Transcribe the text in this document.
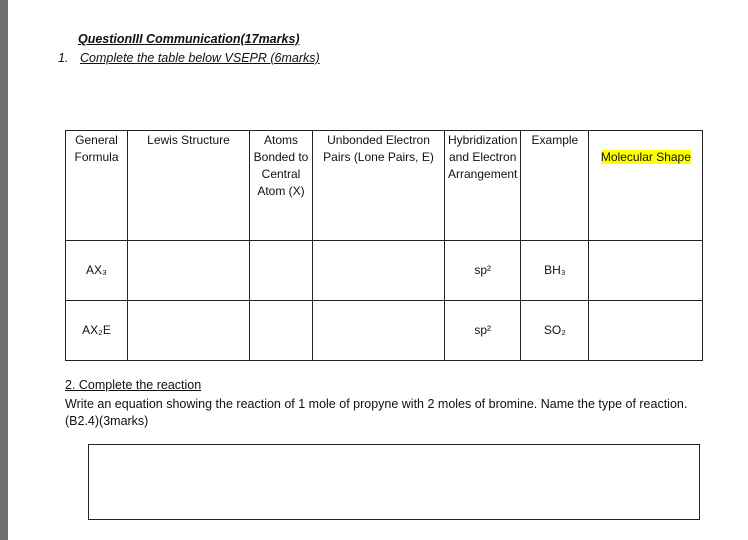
QuestionIII Communication(17marks)
1. Complete the table below VSEPR (6marks)
General Formula	Lewis Structure	Atoms Bonded to Central Atom (X)	Unbonded Electron Pairs (Lone Pairs, E)	Hybridization and Electron Arrangement	Example	Molecular Shape
AX₃				sp²	BH₃	
AX₂E				sp²	SO₂	
2. Complete the reaction
Write an equation showing the reaction of 1 mole of propyne with 2 moles of bromine. Name the type of reaction.(B2.4)(3marks)
